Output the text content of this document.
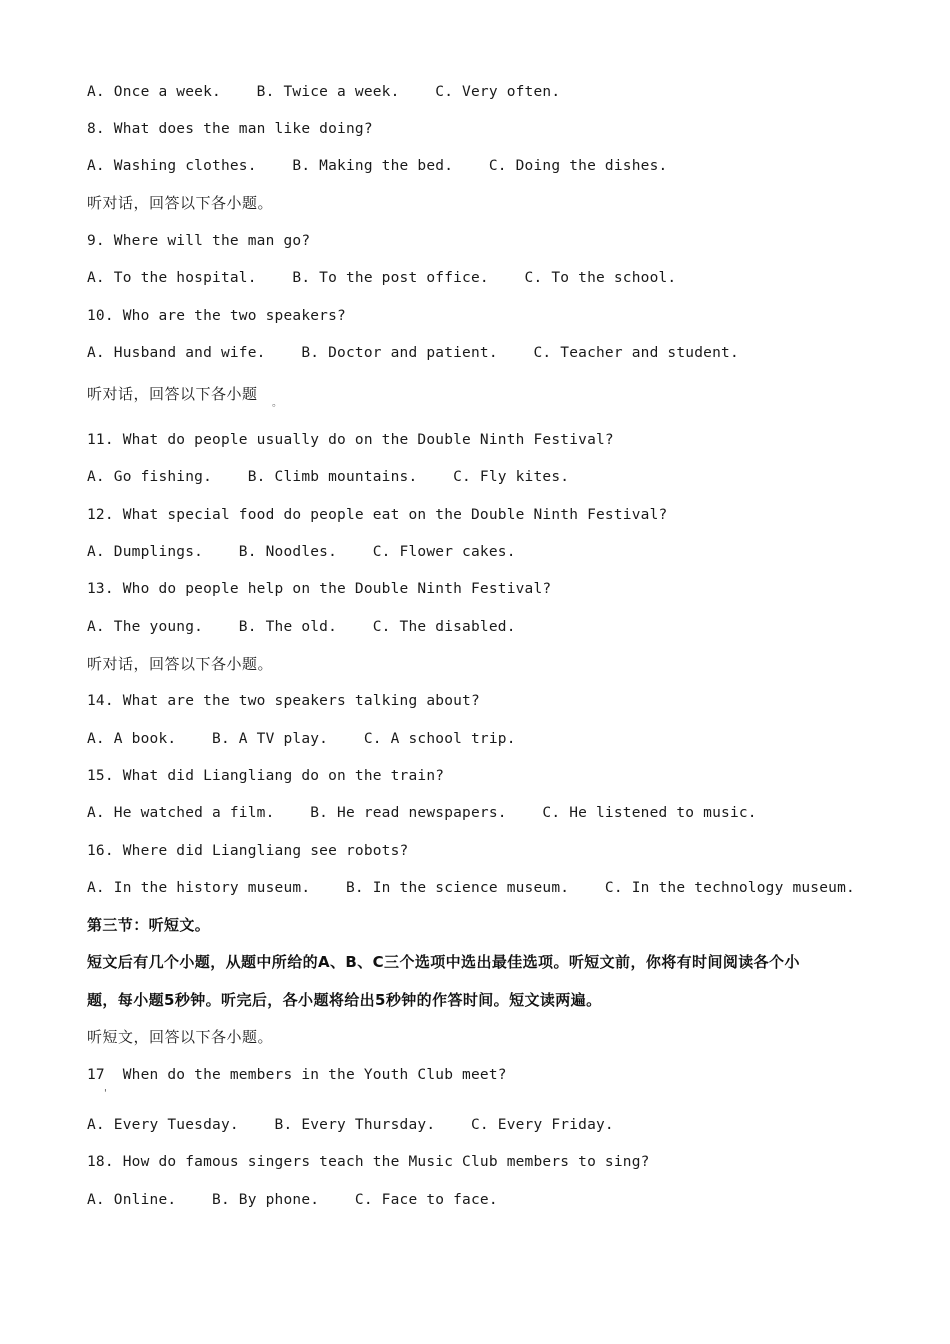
A. Once a week.    B. Twice a week.    C. Very often.
8. What does the man like doing?
A. Washing clothes.    B. Making the bed.    C. Doing the dishes.
听对话，回答以下各小题。
9. Where will the man go?
A. To the hospital.    B. To the post office.    C. To the school.
10. Who are the two speakers?
A. Husband and wife.    B. Doctor and patient.    C. Teacher and student.
听对话，回答以下各小题
。
11. What do people usually do on the Double Ninth Festival?
A. Go fishing.    B. Climb mountains.    C. Fly kites.
12. What special food do people eat on the Double Ninth Festival?
A. Dumplings.    B. Noodles.    C. Flower cakes.
13. Who do people help on the Double Ninth Festival?
A. The young.    B. The old.    C. The disabled.
听对话，回答以下各小题。
14. What are the two speakers talking about?
A. A book.    B. A TV play.    C. A school trip.
15. What did Liangliang do on the train?
A. He watched a film.    B. He read newspapers.    C. He listened to music.
16. Where did Liangliang see robots?
A. In the history museum.    B. In the science museum.    C. In the technology museum.
第三节：听短文。
短文后有几个小题，从题中所给的A、B、C三个选项中选出最佳选项。听短文前，你将有时间阅读各个小
题，每小题5秒钟。听完后，各小题将给出5秒钟的作答时间。短文读两遍。
听短文，回答以下各小题。
17  When do the members in the Youth Club meet?
'
A. Every Tuesday.    B. Every Thursday.    C. Every Friday.
18. How do famous singers teach the Music Club members to sing?
A. Online.    B. By phone.    C. Face to face.
